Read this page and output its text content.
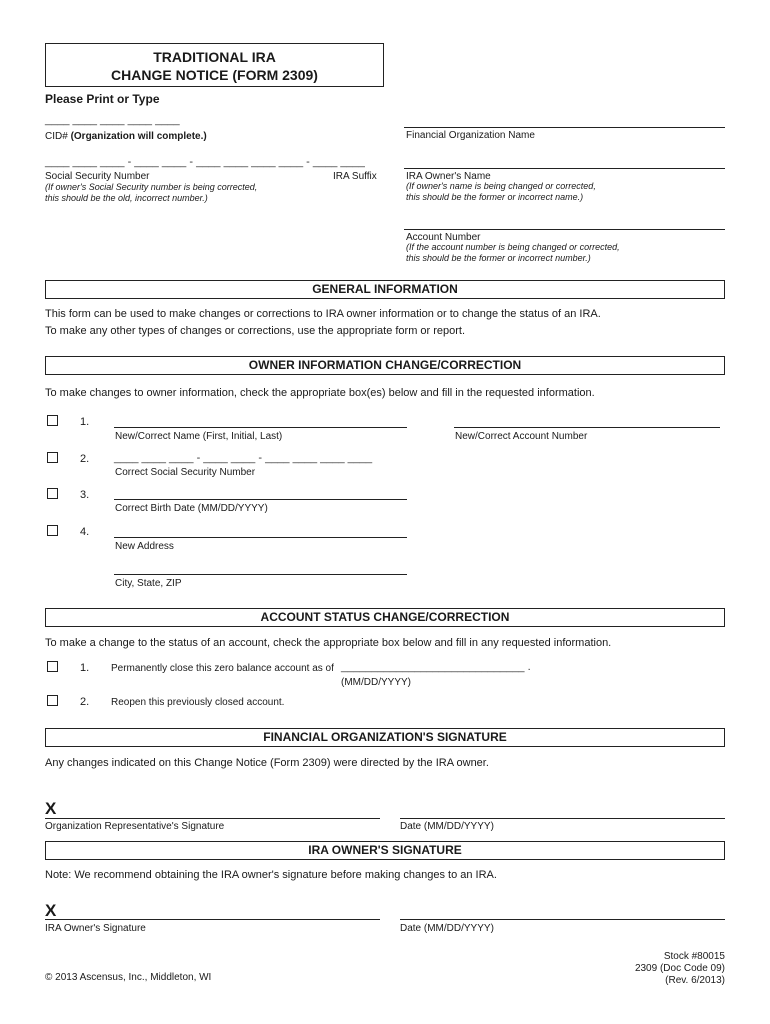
TRADITIONAL IRA
CHANGE NOTICE (FORM 2309)
Please Print or Type
____ ____ ____ ____ ____
CID# (Organization will complete.)	Financial Organization Name
____ ____ ____ - ____ ____ - ____ ____ ____ ____ - ____ ____
Social Security Number	IRA Suffix
(If owner's Social Security number is being corrected,
this should be the old, incorrect number.)
IRA Owner's Name
(If owner's name is being changed or corrected,
this should be the former or incorrect name.)
Account Number
(If the account number is being changed or corrected,
this should be the former or incorrect number.)
GENERAL INFORMATION
This form can be used to make changes or corrections to IRA owner information or to change the status of an IRA.
To make any other types of changes or corrections, use the appropriate form or report.
OWNER INFORMATION CHANGE/CORRECTION
To make changes to owner information, check the appropriate box(es) below and fill in the requested information.
1.
New/Correct Name (First, Initial, Last)	New/Correct Account Number
2. ____ ____ ____ - ____ ____ - ____ ____ ____ ____
Correct Social Security Number
3.
Correct Birth Date (MM/DD/YYYY)
4.
New Address
City, State, ZIP
ACCOUNT STATUS CHANGE/CORRECTION
To make a change to the status of an account, check the appropriate box below and fill in any requested information.
1. Permanently close this zero balance account as of ______________________________ .
(MM/DD/YYYY)
2. Reopen this previously closed account.
FINANCIAL ORGANIZATION'S SIGNATURE
Any changes indicated on this Change Notice (Form 2309) were directed by the IRA owner.
X
Organization Representative's Signature	Date (MM/DD/YYYY)
IRA OWNER'S SIGNATURE
Note: We recommend obtaining the IRA owner's signature before making changes to an IRA.
X
IRA Owner's Signature	Date (MM/DD/YYYY)
© 2013 Ascensus, Inc., Middleton, WI
Stock #80015
2309 (Doc Code 09)
(Rev. 6/2013)
